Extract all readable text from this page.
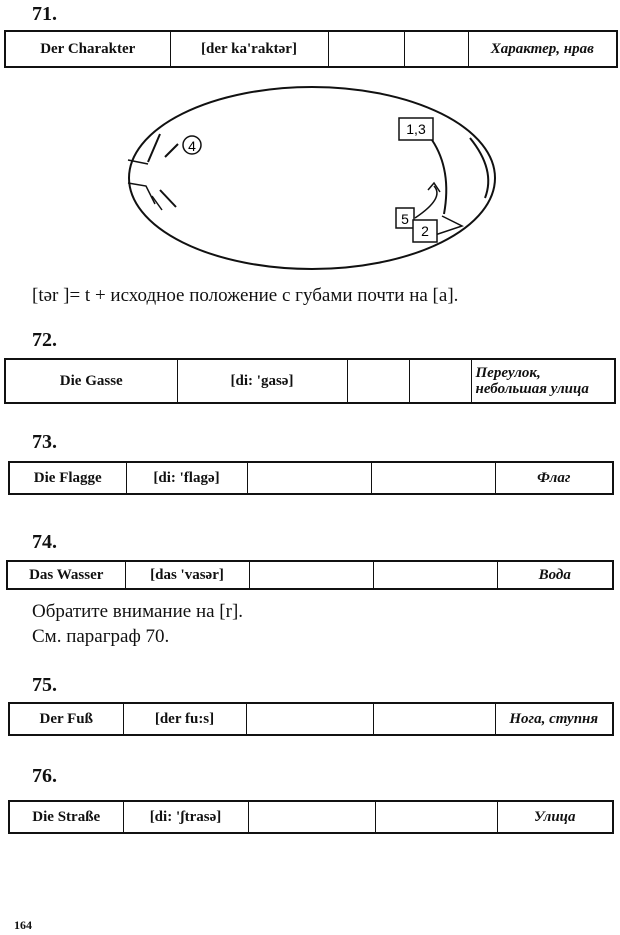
71.
Der Charakter	[der ka'raktər]			Характер, нрав
4
1,3
5
2
[tər ]= t + исходное положение с губами почти на [a].
72.
Die Gasse	[di: 'gasə]			Переулок, небольшая улица
73.
Die Flagge	[di: 'flagə]			Флаг
74.
Das Wasser	[das 'vasər]			Вода
Обратите внимание на [r].
См. параграф 70.
75.
Der Fuß	[der fu:s]			Нога, ступня
76.
Die Straße	[di: 'ʃtrasə]			Улица
164
